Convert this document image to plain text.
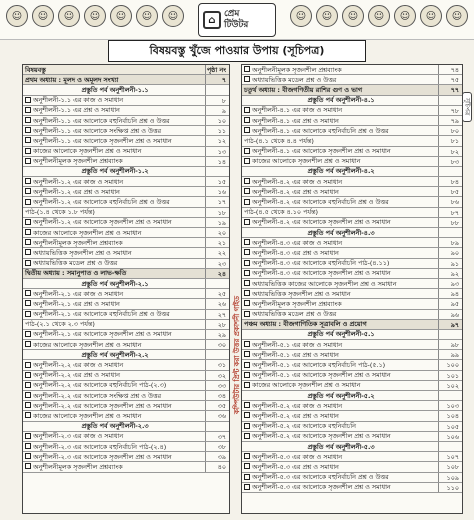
☺	☺	☺	☺	☺	☺	☺	⌂
প্রেম
টিউটর
☺	☺	☺	☺	☺	☺	☺
বিষয়বস্তু খুঁজে পাওয়ার উপায় (সূচিপত্র)
বিষয়বস্তু	পৃষ্ঠা নং
প্রথম অধ্যায় : মূলদ ও অমূলদ সংখ্যা	৭
প্রস্তুতি পর্ব অনুশীলনী-১.১
অনুশীলনী-১.১ এর কাজ ও সমাধান	৮
অনুশীলনী-১.১ এর প্রশ্ন ও সমাধান	৯
অনুশীলনী-১.১ এর আলোকে বহুনির্বাচনি প্রশ্ন ও উত্তর	১০
অনুশীলনী-১.১ এর আলোকে সংক্ষিপ্ত প্রশ্ন ও উত্তর	১১
অনুশীলনী-১.১ এর আলোকে সৃজনশীল প্রশ্ন ও সমাধান	১২
কাজের আলোকে সৃজনশীল প্রশ্ন ও সমাধান	১৩
অনুশীলনীমূলক সৃজনশীল প্রশ্নব্যাংক	১৪
প্রস্তুতি পর্ব অনুশীলনী-১.২
অনুশীলনী-১.২ এর কাজ ও সমাধান	১৫
অনুশীলনী-১.২ এর প্রশ্ন ও সমাধান	১৬
অনুশীলনী-১.২ এর আলোকে বহুনির্বাচনি প্রশ্ন ও উত্তর	১৭
পাঠ-(১.৪ থেকে ১.৮ পর্যন্ত)	১৮
অনুশীলনী-১.২ এর আলোকে সৃজনশীল প্রশ্ন ও সমাধান	১৯
কাজের আলোকে সৃজনশীল প্রশ্ন ও সমাধান	২০
অনুশীলনীমূলক সৃজনশীল প্রশ্নব্যাংক	২১
অধ্যায়ভিত্তিক সৃজনশীল প্রশ্ন ও সমাধান	২২
অধ্যায়ভিত্তিক মডেল প্রশ্ন ও উত্তর	২৩
দ্বিতীয় অধ্যায় : সমানুপাত ও লাভ-ক্ষতি	২৪
প্রস্তুতি পর্ব অনুশীলনী-২.১
অনুশীলনী-২.১ এর কাজ ও সমাধান	২৫
অনুশীলনী-২.১ এর প্রশ্ন ও সমাধান	২৬
অনুশীলনী-২.১ এর আলোকে বহুনির্বাচনি প্রশ্ন ও উত্তর	২৭
পাঠ-(২.১ থেকে ২.৩ পর্যন্ত)	২৮
অনুশীলনী-২.১ এর আলোকে সৃজনশীল প্রশ্ন ও সমাধান	২৯
কাজের আলোকে সৃজনশীল প্রশ্ন ও সমাধান	৩০
প্রস্তুতি পর্ব অনুশীলনী-২.২
অনুশীলনী-২.২ এর কাজ ও সমাধান	৩১
অনুশীলনী-২.২ এর প্রশ্ন ও সমাধান	৩২
অনুশীলনী-২.২ এর আলোকে বহুনির্বাচনি পাঠ-(২.৩)	৩৩
অনুশীলনী-২.২ এর আলোকে সংক্ষিপ্ত প্রশ্ন ও উত্তর	৩৪
অনুশীলনী-২.২ এর আলোকে সৃজনশীল প্রশ্ন ও সমাধান	৩৫
কাজের আলোকে সৃজনশীল প্রশ্ন ও সমাধান	৩৬
প্রস্তুতি পর্ব অনুশীলনী-২.৩
অনুশীলনী-২.৩ এর কাজ ও সমাধান	৩৭
অনুশীলনী-২.৩ এর আলোকে বহুনির্বাচনি পাঠ-(২.৪)	৩৮
অনুশীলনী-২.৩ এর আলোকে সৃজনশীল প্রশ্ন ও সমাধান	৩৯
অনুশীলনীমূলক সৃজনশীল প্রশ্নব্যাংক	৪০
কম্পিউটার প্রিন্ট করা উত্তর প্রকাশনী গাইড
অনুশীলনীমূলক সৃজনশীল প্রশ্নব্যাংক	৭৪
অধ্যায়ভিত্তিক মডেল প্রশ্ন ও উত্তর	৭৫
চতুর্থ অধ্যায় : বীজগণিতীয় রাশির গুণ ও ভাগ	৭৭
প্রস্তুতি পর্ব অনুশীলনী-৪.১
অনুশীলনী-৪.১ এর কাজ ও সমাধান	৭৮
অনুশীলনী-৪.১ এর প্রশ্ন ও সমাধান	৭৯
অনুশীলনী-৪.১ এর আলোকে বহুনির্বাচনি প্রশ্ন ও উত্তর	৮০
পাঠ-(৪.১ থেকে ৪.৪ পর্যন্ত)	৮১
অনুশীলনী-৪.১ এর আলোকে সৃজনশীল প্রশ্ন ও সমাধান	৮২
কাজের আলোকে সৃজনশীল প্রশ্ন ও সমাধান	৮৩
প্রস্তুতি পর্ব অনুশীলনী-৪.২
অনুশীলনী-৪.২ এর কাজ ও সমাধান	৮৪
অনুশীলনী-৪.২ এর প্রশ্ন ও সমাধান	৮৫
অনুশীলনী-৪.২ এর আলোকে বহুনির্বাচনি প্রশ্ন ও উত্তর	৮৬
পাঠ-(৪.৫ থেকে ৪.১০ পর্যন্ত)	৮৭
অনুশীলনী-৪.২ এর আলোকে সৃজনশীল প্রশ্ন ও সমাধান	৮৮
প্রস্তুতি পর্ব অনুশীলনী-৪.৩
অনুশীলনী-৪.৩ এর কাজ ও সমাধান	৮৯
অনুশীলনী-৪.৩ এর প্রশ্ন ও সমাধান	৯০
অনুশীলনী-৪.৩ এর আলোকে বহুনির্বাচনি পাঠ-(৪.১১)	৯১
অনুশীলনী-৪.৩ এর আলোকে সৃজনশীল প্রশ্ন ও সমাধান	৯২
অধ্যায়ভিত্তিক কাজের আলোকে সৃজনশীল প্রশ্ন ও সমাধান	৯৩
অধ্যায়ভিত্তিক সৃজনশীল প্রশ্ন ও সমাধান	৯৪
অনুশীলনীমূলক সৃজনশীল প্রশ্নব্যাংক	৯৫
অধ্যায়ভিত্তিক মডেল প্রশ্ন ও উত্তর	৯৬
পঞ্চম অধ্যায় : বীজগাণিতিক সূত্রাবলি ও প্রয়োগ	৯৭
প্রস্তুতি পর্ব অনুশীলনী-৫.১
অনুশীলনী-৫.১ এর কাজ ও সমাধান	৯৮
অনুশীলনী-৫.১ এর প্রশ্ন ও সমাধান	৯৯
অনুশীলনী-৫.১ এর আলোকে বহুনির্বাচনি পাঠ-(৫.১)	১০০
অনুশীলনী-৫.১ এর আলোকে সৃজনশীল প্রশ্ন ও সমাধান	১০১
কাজের আলোকে সৃজনশীল প্রশ্ন ও সমাধান	১০২
প্রস্তুতি পর্ব অনুশীলনী-৫.২
অনুশীলনী-৫.২ এর কাজ ও সমাধান	১০৩
অনুশীলনী-৫.২ এর প্রশ্ন ও সমাধান	১০৪
অনুশীলনী-৫.২ এর আলোকে বহুনির্বাচনি	১০৫
অনুশীলনী-৫.২ এর আলোকে সৃজনশীল প্রশ্ন ও সমাধান	১০৬
প্রস্তুতি পর্ব অনুশীলনী-৫.৩
অনুশীলনী-৫.৩ এর কাজ ও সমাধান	১০৭
অনুশীলনী-৫.৩ এর প্রশ্ন ও সমাধান	১০৮
অনুশীলনী-৫.৩ এর আলোকে বহুনির্বাচনি প্রশ্ন ও উত্তর	১০৯
অনুশীলনী-৫.৩ এর আলোকে সৃজনশীল প্রশ্ন ও সমাধান	১১০
সূচিপত্র
